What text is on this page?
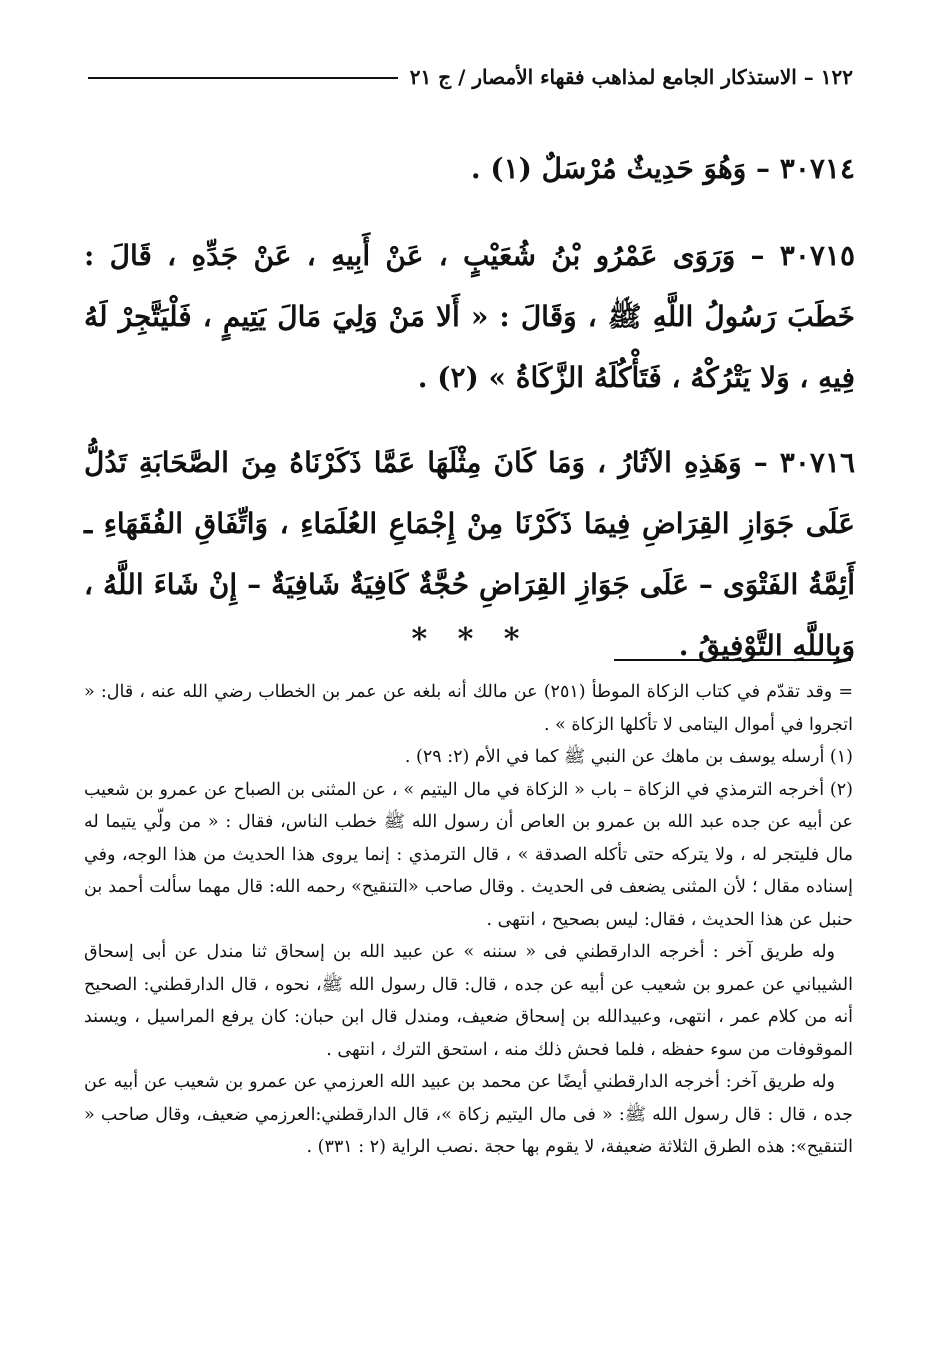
١٢٢ – الاستذكار الجامع لمذاهب فقهاء الأمصار / ج ٢١

٣٠٧١٤ – وَهُوَ حَدِيثٌ مُرْسَلٌ (١) .

٣٠٧١٥ – وَرَوَى عَمْرُو بْنُ شُعَيْبٍ ، عَنْ أَبِيهِ ، عَنْ جَدِّهِ ، قَالَ : خَطَبَ رَسُولُ اللَّهِ ﷺ ، وَقَالَ : « أَلا مَنْ وَلِيَ مَالَ يَتِيمٍ ، فَلْيَتَّجِرْ لَهُ فِيهِ ، وَلا يَتْرُكْهُ ، فَتَأْكُلَهُ الزَّكَاةُ » (٢) .

٣٠٧١٦ – وَهَذِهِ الآثَارُ ، وَمَا كَانَ مِثْلَهَا عَمَّا ذَكَرْنَاهُ مِنَ الصَّحَابَةِ تَدُلُّ عَلَى جَوَازِ القِرَاضِ فِيمَا ذَكَرْنَا مِنْ إِجْمَاعِ العُلَمَاءِ ، وَاتِّفَاقِ الفُقَهَاءِ ـ أَئِمَّةُ الفَتْوَى – عَلَى جَوَازِ القِرَاضِ حُجَّةٌ كَافِيَةٌ شَافِيَةٌ – إِنْ شَاءَ اللَّهُ ، وَبِاللَّهِ التَّوْفِيقُ .

* * *

= وقد تقدّم في كتاب الزكاة الموطأ (٢٥١) عن مالك أنه بلغه عن عمر بن الخطاب رضي الله عنه ، قال: « اتجروا في أموال اليتامى لا تأكلها الزكاة » .

(١) أرسله يوسف بن ماهك عن النبي ﷺ كما في الأم (٢: ٢٩) .

(٢) أخرجه الترمذي في الزكاة – باب « الزكاة في مال اليتيم » ، عن المثنى بن الصباح عن عمرو بن شعيب عن أبيه عن جده عبد الله بن عمرو بن العاص أن رسول الله ﷺ خطب الناس، فقال : « من ولّي يتيما له مال فليتجر له ، ولا يتركه حتى تأكله الصدقة » ، قال الترمذي : إنما يروى هذا الحديث من هذا الوجه، وفي إسناده مقال ؛ لأن المثنى يضعف فى الحديث . وقال صاحب «التنقيح» رحمه الله: قال مهما سألت أحمد بن حنبل عن هذا الحديث ، فقال: ليس بصحيح ، انتهى .

وله طريق آخر : أخرجه الدارقطني فى « سننه » عن عبيد الله بن إسحاق ثنا مندل عن أبى إسحاق الشيباني عن عمرو بن شعيب عن أبيه عن جده ، قال: قال رسول الله ﷺ، نحوه ، قال الدارقطني: الصحيح أنه من كلام عمر ، انتهى، وعبيدالله بن إسحاق ضعيف، ومندل قال ابن حبان: كان يرفع المراسيل ، ويسند الموقوفات من سوء حفظه ، فلما فحش ذلك منه ، استحق الترك ، انتهى .

وله طريق آخر: أخرجه الدارقطني أيضًا عن محمد بن عبيد الله العرزمي عن عمرو بن شعيب عن أبيه عن جده ، قال : قال رسول الله ﷺ: « فى مال اليتيم زكاة »، قال الدارقطني:العرزمي ضعيف، وقال صاحب « التنقيح»: هذه الطرق الثلاثة ضعيفة، لا يقوم بها حجة .نصب الراية (٢ : ٣٣١) .
